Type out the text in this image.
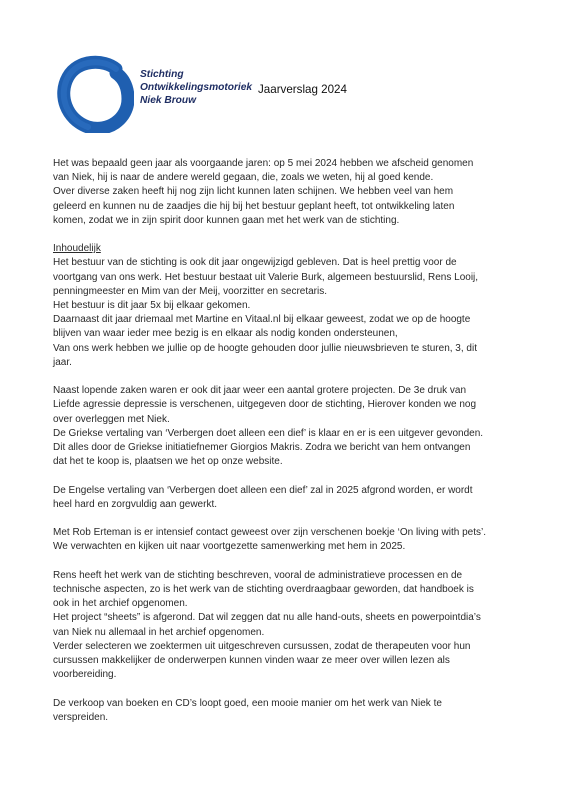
Stichting
Ontwikkelingsmotoriek
Niek Brouw
Jaarverslag 2024

Het was bepaald geen jaar als voorgaande jaren: op 5 mei 2024 hebben we afscheid genomen

van Niek, hij is naar de andere wereld gegaan, die, zoals we weten, hij al goed kende.

Over diverse zaken heeft hij nog zijn licht kunnen laten schijnen. We hebben veel van hem

geleerd en kunnen nu de zaadjes die hij bij het bestuur geplant heeft, tot ontwikkeling laten

komen, zodat we in zijn spirit door kunnen gaan met het werk van de stichting.

Inhoudelijk

Het bestuur van de stichting is ook dit jaar ongewijzigd gebleven. Dat is heel prettig voor de

voortgang van ons werk. Het bestuur bestaat uit Valerie Burk, algemeen bestuurslid, Rens Looij,

penningmeester en Mim van der Meij, voorzitter en secretaris.

Het bestuur is dit jaar 5x bij elkaar gekomen.

Daarnaast dit jaar driemaal met Martine en Vitaal.nl bij elkaar geweest, zodat we op de hoogte

blijven van waar ieder mee bezig is en elkaar als nodig konden ondersteunen,

Van ons werk hebben we jullie op de hoogte gehouden door jullie nieuwsbrieven te sturen, 3, dit

jaar.

Naast lopende zaken waren er ook dit jaar weer een aantal grotere projecten. De 3e druk van

Liefde agressie depressie is verschenen, uitgegeven door de stichting, Hierover konden we nog

over overleggen met Niek.

De Griekse vertaling van ‘Verbergen doet alleen een dief’ is klaar en er is een uitgever gevonden.

Dit alles door de Griekse initiatiefnemer Giorgios Makris. Zodra we bericht van hem ontvangen

dat het te koop is, plaatsen we het op onze website.

De Engelse vertaling van ‘Verbergen doet alleen een dief’ zal in 2025 afgrond worden, er wordt

heel hard en zorgvuldig aan gewerkt.

Met Rob Erteman is er intensief contact geweest over zijn verschenen boekje ‘On living with pets’.

We verwachten en kijken uit naar voortgezette samenwerking met hem in 2025.

Rens heeft het werk van de stichting beschreven, vooral de administratieve processen en de

technische aspecten, zo is het werk van de stichting overdraagbaar geworden, dat handboek is

ook in het archief opgenomen.

Het project “sheets” is afgerond. Dat wil zeggen dat nu alle hand-outs, sheets en powerpointdia’s

van Niek nu allemaal in het archief opgenomen.

Verder selecteren we zoektermen uit uitgeschreven cursussen, zodat de therapeuten voor hun

cursussen makkelijker de onderwerpen kunnen vinden waar ze meer over willen lezen als

voorbereiding.

De verkoop van boeken en CD’s loopt goed, een mooie manier om het werk van Niek te

verspreiden.
